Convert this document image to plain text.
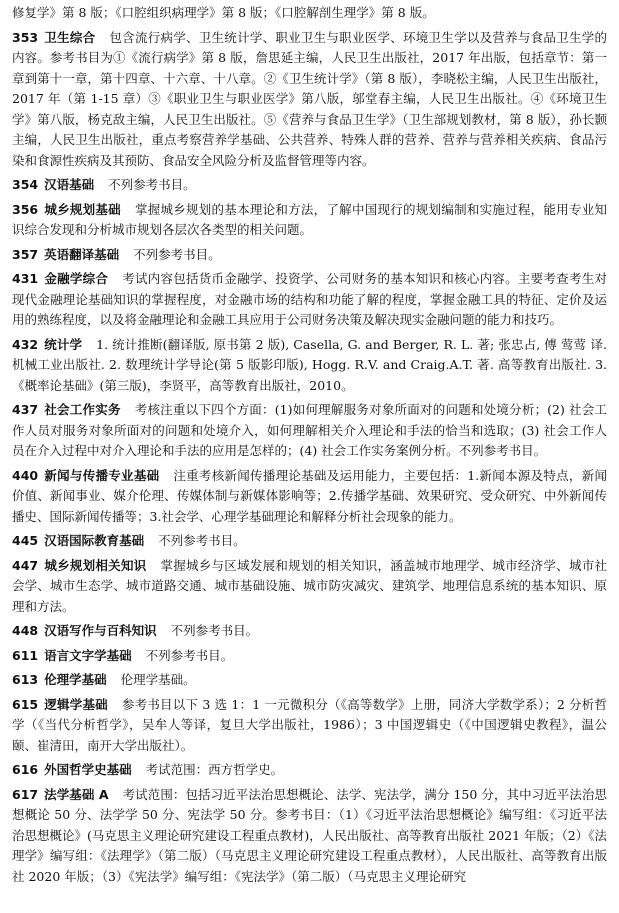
修复学》第 8 版；《口腔组织病理学》第 8 版；《口腔解剖生理学》第 8 版。
353 卫生综合 包含流行病学、卫生统计学、职业卫生与职业医学、环境卫生学以及营养与食品卫生学的内容。参考书目为①《流行病学》第 8 版，詹思延主编，人民卫生出版社，2017 年出版，包括章节：第一章到第十一章，第十四章、十六章、十八章。②《卫生统计学》（第 8 版），李晓松主编，人民卫生出版社，2017 年（第 1-15 章）③《职业卫生与职业医学》第八版，邬堂春主编，人民卫生出版社。④《环境卫生学》第八版，杨克敌主编，人民卫生出版社。⑤《营养与食品卫生学》（卫生部规划教材，第 8 版），孙长颢主编，人民卫生出版社，重点考察营养学基础、公共营养、特殊人群的营养、营养与营养相关疾病、食品污染和食源性疾病及其预防、食品安全风险分析及监督管理等内容。
354 汉语基础 不列参考书目。
356 城乡规划基础 掌握城乡规划的基本理论和方法，了解中国现行的规划编制和实施过程，能用专业知识综合发现和分析城市规划各层次各类型的相关问题。
357 英语翻译基础 不列参考书目。
431 金融学综合 考试内容包括货币金融学、投资学、公司财务的基本知识和核心内容。主要考查考生对现代金融理论基础知识的掌握程度，对金融市场的结构和功能了解的程度，掌握金融工具的特征、定价及运用的熟练程度，以及将金融理论和金融工具应用于公司财务决策及解决现实金融问题的能力和技巧。
432 统计学 1. 统计推断(翻译版, 原书第 2 版), Casella, G. and Berger, R. L. 著; 张忠占, 傅 莺莺 译. 机械工业出版社. 2. 数理统计学导论(第 5 版影印版), Hogg. R.V. and Craig.A.T. 著. 高等教育出版社. 3.《概率论基础》(第三版)，李贤平，高等教育出版社，2010。
437 社会工作实务 考核注重以下四个方面：(1)如何理解服务对象所面对的问题和处境分析；(2) 社会工作人员对服务对象所面对的问题和处境介入，如何理解相关介入理论和手法的恰当和选取；(3) 社会工作人员在介入过程中对介入理论和手法的应用是怎样的；(4) 社会工作实务案例分析。不列参考书目。
440 新闻与传播专业基础 注重考核新闻传播理论基础及运用能力，主要包括：1.新闻本源及特点，新闻价值、新闻事业、媒介伦理、传媒体制与新媒体影响等；2.传播学基础、效果研究、受众研究、中外新闻传播史、国际新闻传播等；3.社会学、心理学基础理论和解释分析社会现象的能力。
445 汉语国际教育基础 不列参考书目。
447 城乡规划相关知识 掌握城乡与区域发展和规划的相关知识，涵盖城市地理学、城市经济学、城市社会学、城市生态学、城市道路交通、城市基础设施、城市防灾减灾、建筑学、地理信息系统的基本知识、原理和方法。
448 汉语写作与百科知识 不列参考书目。
611 语言文字学基础 不列参考书目。
613 伦理学基础 伦理学基础。
615 逻辑学基础 参考书目以下 3 选 1：1 一元微积分（《高等数学》上册，同济大学数学系）；2 分析哲学（《当代分析哲学》，吴牟人等译，复旦大学出版社，1986）；3 中国逻辑史（《中国逻辑史教程》，温公颐、崔清田，南开大学出版社）。
616 外国哲学史基础 考试范围：西方哲学史。
617 法学基础 A 考试范围：包括习近平法治思想概论、法学、宪法学，满分 150 分，其中习近平法治思想概论 50 分、法学学 50 分、宪法学 50 分。参考书目：（1）《习近平法治思想概论》编写组：《习近平法治思想概论》(马克思主义理论研究建设工程重点教材)，人民出版社、高等教育出版社 2021 年版；（2）《法理学》编写组：《法理学》（第二版）（马克思主义理论研究建设工程重点教材），人民出版社、高等教育出版社 2020 年版；（3）《宪法学》编写组：《宪法学》（第二版）（马克思主义理论研究
